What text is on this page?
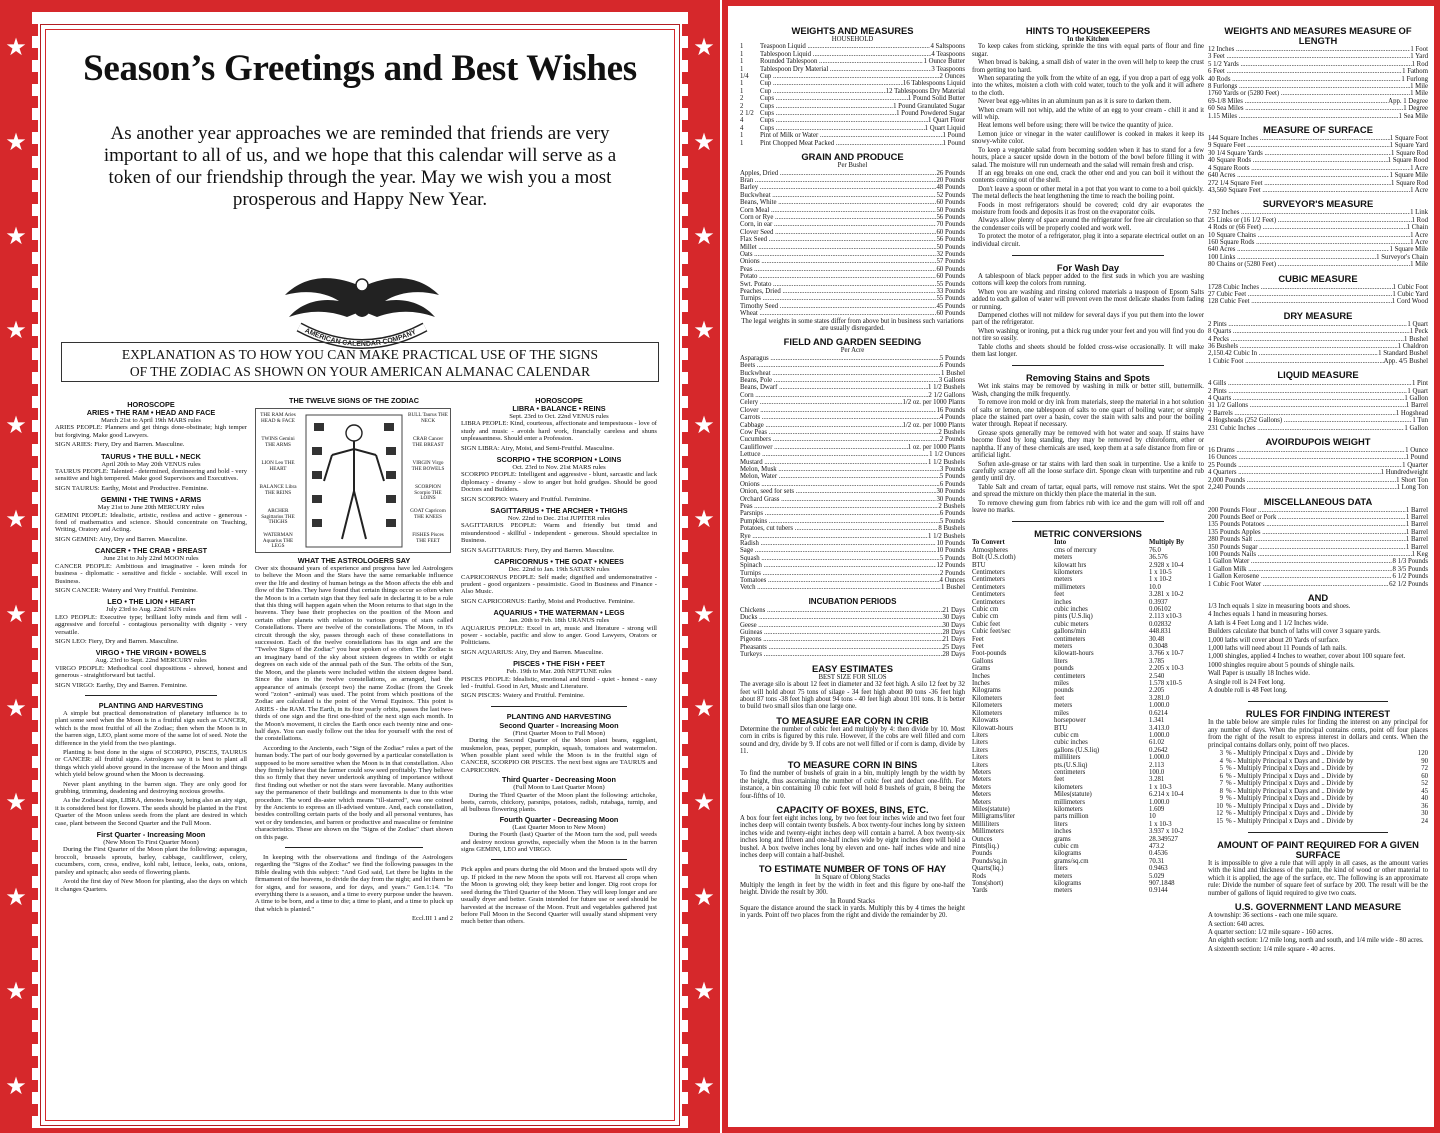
★
★
★
★
★
★
★
★
★
★
★
★
★
★
★
★
★
★
★
★
★
★
★
★
Season’s Greetings and Best Wishes

As another year approaches we are reminded that friends are very important to all of us, and we hope that this calendar will serve as a token of our friendship through the year. May we wish you a most prosperous and Happy New Year.

AMERICAN CALENDAR COMPANY
EXPLANATION AS TO HOW YOU CAN MAKE PRACTICAL USE OF THE SIGNS
OF THE ZODIAC AS SHOWN ON YOUR AMERICAN ALMANAC CALENDAR
HOROSCOPE
ARIES • THE RAM • HEAD AND FACE
March 21st to April 19th MARS rules

ARIES PEOPLE: Planners and get things done-obstinate; high temper but forgiving. Make good Lawyers.

SIGN ARIES: Fiery, Dry and Barren. Masculine.

TAURUS • THE BULL • NECK
April 20th to May 20th VENUS rules

TAURUS PEOPLE: Talented - determined, domineering and bold - very sensitive and high tempered. Make good Supervisors and Executives.

SIGN TAURUS: Earthy, Moist and Productive. Feminine.

GEMINI • THE TWINS • ARMS
May 21st to June 20th MERCURY rules

GEMINI PEOPLE: Idealistic, artistic, restless and active - generous - fond of mathematics and science. Should concentrate on Teaching, Writing, Oratory and Acting.

SIGN GEMINI: Airy, Dry and Barren. Masculine.

CANCER • THE CRAB • BREAST
June 21st to July 22nd MOON rules

CANCER PEOPLE: Ambitious and imaginative - keen minds for business - diplomatic - sensitive and fickle - sociable. Will excel in Business.

SIGN CANCER: Watery and Very Fruitful. Feminine.

LEO • THE LION • HEART
July 23rd to Aug. 22nd SUN rules

LEO PEOPLE: Executive type; brilliant lofty minds and firm will - aggressive and forceful - contagious personality with dignity - very versatile.

SIGN LEO: Fiery, Dry and Barren. Masculine.

VIRGO • THE VIRGIN • BOWELS
Aug. 23rd to Sept. 22nd MERCURY rules

VIRGO PEOPLE: Methodical cool dispositions - shrewd, honest and generous - straightforward but tactful.

SIGN VIRGO: Earthy, Dry and Barren. Feminine.

PLANTING AND HARVESTING

A simple but practical demonstration of planetary influence is to plant some seed when the Moon is in a fruitful sign such as CANCER, which is the most fruitful of all the Zodiac; then when the Moon is in the barren sign, LEO, plant some more of the same lot of seed. Note the difference in the yield from the two plantings.

Planting is best done in the signs of SCORPIO, PISCES, TAURUS or CANCER: all fruitful signs. Astrologers say it is best to plant all things which yield above ground in the increase of the Moon and things which yield below ground when the Moon is decreasing.

Never plant anything in the barren sign. They are only good for grubbing, trimming, deadening and destroying noxious growths.

As the Zodiacal sign, LIBRA, denotes beauty, being also an airy sign, it is considered best for flowers. The seeds should be planted in the First Quarter of the Moon unless seeds from the plant are desired in which case, plant between the Second Quarter and the Full Moon.

First Quarter - Increasing Moon
(New Moon To First Quarter Moon)

During the First Quarter of the Moon plant the following: asparagus, broccoli, brussels sprouts, barley, cabbage, cauliflower, celery, cucumbers, corn, cress, endive, kohl rabi, lettuce, leeks, oats, onions, parsley and spinach; also seeds of flowering plants.

Avoid the first day of New Moon for planting, also the days on which it changes Quarters.

THE TWELVE SIGNS OF THE ZODIAC
THE RAM Aries HEAD & FACE
TWINS Gemini THE ARMS
LION Leo THE HEART
BALANCE Libra THE REINS
ARCHER Sagittarius THE THIGHS
WATERMAN Aquarius THE LEGS
BULL Taurus THE NECK
CRAB Cancer THE BREAST
VIRGIN Virgo THE BOWELS
SCORPION Scorpio THE LOINS
GOAT Capricorn THE KNEES
FISHES Pisces THE FEET
WHAT THE ASTROLOGERS SAY

Over six thousand years of experience and progress have led Astrologers to believe the Moon and the Stars have the same remarkable influence over the life and destiny of human beings as the Moon affects the ebb and flow of the Tides. They have found that certain things occur so often when the Moon is in a certain sign that they feel safe in declaring it to be a rule that this thing will happen again when the Moon returns to that sign in the heavens. They base their prophecies on the position of the Moon and certain other planets with relation to various groups of stars called Constellations. There are twelve of the constellations. The Moon, in it's circuit through the sky, passes through each of these constellations in succession. Each of the twelve constellations has its sign and are the "Twelve Signs of the Zodiac" you hear spoken of so often. The Zodiac is an imaginary band of the sky about sixteen degrees in width or eight degrees on each side of the annual path of the Sun. The orbits of the Sun, the Moon, and the planets were included within the sixteen degree band. Since the stars in the twelve constellations, as arranged, had the appearance of animals (except two) the name Zodiac (from the Greek word "zoion" -animal) was used. The point from which positions of the Zodiac are calculated is the point of the Vernal Equinox. This point is ARIES - the RAM. The Earth, in its four yearly orbits, passes the last two-thirds of one sign and the first one-third of the next sign each month. In the Moon's movement, it circles the Earth once each twenty nine and one-half days. You can easily follow out the idea for yourself with the rest of the constellations.

According to the Ancients, each "Sign of the Zodiac" rules a part of the human body. The part of our body governed by a particular constellation is supposed to be more sensitive when the Moon is in that constellation. Also they firmly believe that the farmer could sow seed profitably. They believe this so firmly that they never undertook anything of importance without first finding out whether or not the stars were favorable. Many authorities say the permanence of their buildings and monuments is due to this wise procedure. The word dis-aster which means "ill-starred", was one coined by the Ancients to express an ill-advised venture. And, each constellation, besides controlling certain parts of the body and all personal ventures, has wet or dry tendencies, and barren or productive and masculine or feminine characteristics. These are shown on the "Signs of the Zodiac" chart shown on this page.

In keeping with the observations and findings of the Astrologers regarding the "Signs of the Zodiac" we find the following passages in the Bible dealing with this subject: "And God said, Let there be lights in the firmament of the heavens, to divide the day from the night; and let them be for signs, and for seasons, and for days, and years." Gen.1:14. "To everything there is a season, and a time to every purpose under the heaven. A time to be born, and a time to die; a time to plant, and a time to pluck up that which is planted."

Eccl.III 1 and 2

HOROSCOPE
LIBRA • BALANCE • REINS
Sept. 23rd to Oct. 22nd VENUS rules

LIBRA PEOPLE: Kind, courteous, affectionate and tempestuous - love of study and music - avoids hard work, financially careless and shuns unpleasantness. Should enter a Profession.

SIGN LIBRA: Airy, Moist, and Semi-Fruitful. Masculine.

SCORPIO • THE SCORPION • LOINS
Oct. 23rd to Nov. 21st MARS rules

SCORPIO PEOPLE: Intelligent and aggressive - blunt, sarcastic and lack diplomacy - dreamy - slow to anger but hold grudges. Should be good Doctors and Builders.

SIGN SCORPIO: Watery and Fruitful. Feminine.

SAGITTARIUS • THE ARCHER • THIGHS
Nov. 22nd to Dec. 21st JUPITER rules

SAGITTARIUS PEOPLE: Warm and friendly but timid and misunderstood - skillful - independent - generous. Should specialize in Business.

SIGN SAGITTARIUS: Fiery, Dry and Barren. Masculine.

CAPRICORNUS • THE GOAT • KNEES
Dec. 22nd to Jan. 19th SATURN rules

CAPRICORNUS PEOPLE: Self made; dignified and undemonstrative - prudent - good organizers - pessimistic. Good in Business and Finance - Also Music.

SIGN CAPRICORNUS: Earthy, Moist and Productive. Feminine.

AQUARIUS • THE WATERMAN • LEGS
Jan. 20th to Feb. 18th URANUS rules

AQUARIUS PEOPLE: Excel in art, music and literature - strong will power - sociable, pacific and slow to anger. Good Lawyers, Orators or Politicians.

SIGN AQUARIUS: Airy, Dry and Barren. Masculine.

PISCES • THE FISH • FEET
Feb. 19th to Mar. 20th NEPTUNE rules

PISCES PEOPLE: Idealistic, emotional and timid - quiet - honest - easy led - fruitful. Good in Art, Music and Literature.

SIGN PISCES: Watery and Fruitful. Feminine.

PLANTING AND HARVESTING
Second Quarter - Increasing Moon
(First Quarter Moon to Full Moon)

During the Second Quarter of the Moon plant beans, eggplant, muskmelon, peas, pepper, pumpkin, squash, tomatoes and watermelon. When possible plant seed while the Moon is in the fruitful sign of CANCER, SCORPIO OR PISCES. The next best signs are TAURUS and CAPRICORN.

Third Quarter - Decreasing Moon
(Full Moon to Last Quarter Moon)

During the Third Quarter of the Moon plant the following: artichoke, beets, carrots, chickory, parsnips, potatoes, radish, rutabaga, turnip, and all bulbous flowering plants.

Fourth Quarter - Decreasing Moon
(Last Quarter Moon to New Moon)

During the Fourth (last) Quarter of the Moon turn the sod, pull weeds and destroy noxious growths, especially when the Moon is in the barren signs GEMINI, LEO and VIRGO.

Pick apples and pears during the old Moon and the bruised spots will dry up. If picked in the new Moon the spots will rot. Harvest all crops when the Moon is growing old; they keep better and longer. Dig root crops for seed during the Third Quarter of the Moon. They will keep longer and are usually dryer and better. Grain intended for future use or seed should be harvested at the increase of the Moon. Fruit and vegetables gathered just before Full Moon in the Second Quarter will usually stand shipment very much better than others.

WEIGHTS AND MEASURES
HOUSEHOLD
1	Teaspoon Liquid .....	4 Saltspoons
1	Tablespoon Liquid .....	4 Teaspoons
1	Rounded Tablespoon .....	1 Ounce Butter
1	Tablespoon Dry Material .....	3 Teaspoons
1/4	Cup .....	2 Ounces
1	Cup .....	16 Tablespoons Liquid
1	Cup .....	12 Tablespoons Dry Material
2	Cups .....	1 Pound Solid Butter
2	Cups .....	1 Pound Granulated Sugar
2 1/2 Cups .....	1 Pound Powdered Sugar
4	Cups .....	1 Quart Flour
4	Cups .....	1 Quart Liquid
1	Pint of Milk or Water .....	1 Pound
1	Pint Chopped Meat Packed .....	1 Pound
GRAIN AND PRODUCE
Per Bushel
Apples, Dried .....	26 Pounds
Bran .....	20 Pounds
Barley .....	48 Pounds
Buckwheat .....	52 Pounds
Beans, White .....	60 Pounds
Corn Meal .....	50 Pounds
Corn or Rye .....	56 Pounds
Corn, in ear .....	70 Pounds
Clover Seed .....	60 Pounds
Flax Seed .....	56 Pounds
Millet .....	50 Pounds
Oats .....	32 Pounds
Onions .....	57 Pounds
Peas .....	60 Pounds
Potato .....	60 Pounds
Swt. Potato .....	55 Pounds
Peaches, Dried .....	33 Pounds
Turnips .....	55 Pounds
Timothy Seed .....	45 Pounds
Wheat .....	60 Pounds

The legal weights in some states differ from above but in business such variations are usually disregarded.

FIELD AND GARDEN SEEDING
Per Acre
Asparagus .....	5 Pounds
Beets .....	6 Pounds
Buckwheat .....	1 Bushel
Beans, Pole .....	3 Gallons
Beans, Dwarf .....	1 1/2 Bushels
Corn .....	2 1/2 Gallons
Celery .....	1/2 oz. per 1000 Plants
Clover .....	16 Pounds
Carrots .....	4 Pounds
Cabbage .....	1/2 oz. per 1000 Plants
Cow Peas .....	2 Bushels
Cucumbers .....	2 Pounds
Cauliflower .....	1 oz. per 1000 Plants
Lettuce .....	1 1/2 Ounces
Mustard .....	1 1/2 Bushels
Melon, Musk .....	3 Pounds
Melon, Water .....	5 Pounds
Onions .....	6 Pounds
Onion, seed for sets .....	30 Pounds
Orchard Grass .....	30 Pounds
Peas .....	2 Bushels
Parsnips .....	6 Pounds
Pumpkins .....	5 Pounds
Potatoes, cut tubers .....	8 Bushels
Rye .....	1 1/2 Bushels
Radish .....	10 Pounds
Sage .....	10 Pounds
Squash .....	5 Pounds
Spinach .....	12 Pounds
Turnips .....	2 Pounds
Tomatoes .....	4 Ounces
Vetch .....	1 Bushel
INCUBATION PERIODS
Chickens .....	21 Days
Ducks .....	30 Days
Geese .....	30 Days
Guineas .....	28 Days
Pigeons .....	21 Days
Pheasants .....	25 Days
Turkeys .....	28 Days
EASY ESTIMATES
BEST SIZE FOR SILOS

The average silo is about 12 feet in diameter and 32 feet high. A silo 12 feet by 32 feet will hold about 75 tons of silage - 34 feet high about 80 tons -36 feet high about 87 tons -38 feet high about 94 tons - 40 feet high about 101 tons. It is better to build two small silos than one large one.

TO MEASURE EAR CORN IN CRIB

Determine the number of cubic feet and multiply by 4: then divide by 10. Most corn in cribs is figured by this rule. However, if the cobs are well filled and corn sound and dry, divide by 9. If cobs are not well filled or if corn is damp, divide by 11.

TO MEASURE CORN IN BINS

To find the number of bushels of grain in a bin, multiply length by the width by the height, thus ascertaining the number of cubic feet and deduct one-fifth. For instance, a bin containing 10 cubic feet will hold 8 bushels of grain, 8 being the four-fifths of 10.

CAPACITY OF BOXES, BINS, ETC.

A box four feet eight inches long, by two feet four inches wide and two feet four inches deep will contain twenty bushels. A box twenty-four inches long by sixteen inches wide and twenty-eight inches deep will contain a barrel. A box twenty-six inches long and fifteen and one-half inches wide by eight inches deep will hold a bushel. A box twelve inches long by eleven and one- half inches wide and nine inches deep will contain a half-bushel.

TO ESTIMATE NUMBER OF TONS OF HAY
In Square of Oblong Stacks

Multiply the length in feet by the width in feet and this figure by one-half the height. Divide the result by 300.

In Round Stacks

Square the distance around the stack in yards. Multiply this by 4 times the height in yards. Point off two places from the right and divide the remainder by 20.

HINTS TO HOUSEKEEPERS
In the Kitchen

To keep cakes from sticking, sprinkle the tins with equal parts of flour and fine sugar.

When bread is baking, a small dish of water in the oven will help to keep the crust from getting too hard.

When separating the yolk from the white of an egg, if you drop a part of egg yolk into the whites, moisten a cloth with cold water, touch to the yolk and it will adhere to the cloth.

Never beat egg-whites in an aluminum pan as it is sure to darken them.

When cream will not whip, add the white of an egg to your cream - chill it and it will whip.

Heat lemons well before using; there will be twice the quantity of juice.

Lemon juice or vinegar in the water cauliflower is cooked in makes it keep its snowy-white color.

To keep a vegetable salad from becoming sodden when it has to stand for a few hours, place a saucer upside down in the bottom of the bowl before filling it with salad. The moisture will run underneath and the salad will remain fresh and crisp.

If an egg breaks on one end, crack the other end and you can boil it without the contents coming out of the shell.

Don't leave a spoon or other metal in a pot that you want to come to a boil quickly. The metal deflects the heat lengthening the time to reach the boiling point.

Foods in most refrigerators should be covered; cold dry air evaporates the moisture from foods and deposits it as frost on the evaporator coils.

Always allow plenty of space around the refrigerator for free air circulation so that the condenser coils will be properly cooled and work well.

To protect the motor of a refrigerator, plug it into a separate electrical outlet on an individual circuit.

For Wash Day

A tablespoon of black pepper added to the first suds in which you are washing cottons will keep the colors from running.

When you are washing and rinsing colored materials a teaspoon of Epsom Salts added to each gallon of water will prevent even the most delicate shades from fading or running.

Dampened clothes will not mildew for several days if you put them into the lower part of the refrigerator.

When washing or ironing, put a thick rug under your feet and you will find you do not tire so easily.

Table cloths and sheets should be folded cross-wise occasionally. It will make them last longer.

Removing Stains and Spots

Wet ink stains may be removed by washing in milk or better still, buttermilk. Wash, changing the milk frequently.

To remove iron mold or dry ink from materials, steep the material in a hot solution of salts or lemon, one tablespoon of salts to one quart of boiling water; or simply place the stained part over a basin, cover the stain with salts and pour the boiling water through. Repeat if necessary.

Grease spots generally may be removed with hot water and soap. If stains have become fixed by long standing, they may be removed by chloroform, ether or naphtha. If any of these chemicals are used, keep them at a safe distance from fire or artificial light.

Soften axle-grease or tar stains with lard then soak in turpentine. Use a knife to carefully scrape off all the loose surface dirt. Sponge clean with turpentine and rub gently until dry.

Table Salt and cream of tartar, equal parts, will remove rust stains. Wet the spot and spread the mixture on thickly then place the material in the sun.

To remove chewing gum from fabrics rub with ice and the gum will roll off and leave no marks.

METRIC CONVERSIONS
To Convert	Into	Multiply By
Atmospheres	cms of mercury	76.0
Bolt (U.S.cloth)	meters	36.576
BTU	kilowatt hrs	2.928 x 10-4
Centimeters	kilometers	1 x 10-5
Centimeters	meters	1 x 10-2
Centimeters	millimeters	10.0
Centimeters	feet	3.281 x 10-2
Centimeters	inches	0.3937
Cubic cm	cubic inches	0.06102
Cubic cm	pints (U.S.liq)	2.113 x10-3
Cubic feet	cubic meters	0.02832
Cubic feet/sec	gallons/min	448.831
Feet	centimeters	30.48
Feet	meters	0.3048
Foot-pounds	kilowatt-hours	3.766 x 10-7
Gallons	liters	3.785
Grams	pounds	2.205 x 10-3
Inches	centimeters	2.540
Inches	miles	1.578 x10-5
Kilograms	pounds	2.205
Kilometers	feet	3.281.0
Kilometers	meters	1.000.0
Kilometers	miles	0.6214
Kilowatts	horsepower	1.341
Kilowatt-hours	BTU	3.413.0
Liters	cubic cm	1.000.0
Liters	cubic inches	61.02
Liters	gallons (U.S.liq)	0.2642
Liters	milliliters	1.000.0
Liters	pts.(U.S.liq)	2.113
Meters	centimeters	100.0
Meters	feet	3.281
Meters	kilometers	1 x 10-3
Meters	Miles(statute)	6.214 x 10-4
Meters	millimeters	1.000.0
Miles(statute)	kilometers	1.609
Milligrams/liter	parts million	10
Milliliters	liters	1 x 10-3
Millimeters	inches	3.937 x 10-2
Ounces	grams	28.349527
Pints(liq.)	cubic cm	473.2
Pounds	kilograms	0.4536
Pounds/sq.in	grams/sq.cm	70.31
Quarts(liq.)	liters	0.9463
Rods	meters	5.029
Tons(short)	kilograms	907.1848
Yards	meters	0.9144
WEIGHTS AND MEASURES MEASURE OF LENGTH
12 Inches .....	1 Foot
3 Feet .....	1 Yard
5 1/2 Yards .....	1 Rod
6 Feet .....	1 Fathom
40 Rods .....	1 Furlong
8 Furlongs .....	1 Mile
1760 Yards or (5280 Feet) .....	1 Mile
69-1/8 Miles .....	App. 1 Degree
60 Sea Miles .....	1 Degree
1.15 Miles .....	1 Sea Mile
MEASURE OF SURFACE
144 Square Inches .....	1 Square Foot
9 Square Feet .....	1 Square Yard
30 1/4 Square Yards .....	1 Square Rod
40 Square Rods .....	1 Square Rood
4 Square Roots .....	1 Acre
640 Acres .....	1 Square Mile
272 1/4 Square Feet .....	1 Square Rod
43,560 Square Feet .....	1 Acre
SURVEYOR'S MEASURE
7.92 Inches .....	1 Link
25 Links or (16 1/2 Feet) .....	1 Rod
4 Rods or (66 Feet) .....	1 Chain
10 Square Chains .....	1 Acre
160 Square Rods .....	1 Acre
640 Acres .....	1 Square Mile
100 Links .....	1 Surveyor's Chain
80 Chains or (5280 Feet) .....	1 Mile
CUBIC MEASURE
1728 Cubic Inches .....	1 Cubic Foot
27 Cubic Feet .....	1 Cubic Yard
128 Cubic Feet .....	1 Cord Wood
DRY MEASURE
2 Pints .....	1 Quart
8 Quarts .....	1 Peck
4 Pecks .....	1 Bushel
36 Bushels .....	1 Chaldron
2,150.42 Cubic In .....	1 Standard Bushel
1 Cubic Foot .....	App. 4/5 Bushel
LIQUID MEASURE
4 Gills .....	1 Pint
2 Pints .....	1 Quart
4 Quarts .....	1 Gallon
31 1/2 Gallons .....	1 Barrel
2 Barrels .....	1 Hogshead
4 Hogsheads (252 Gallons) .....	1 Tun
231 Cubic Inches .....	1 Gallon
AVOIRDUPOIS WEIGHT
16 Drams .....	1 Ounce
16 Ounces .....	1 Pound
25 Pounds .....	1 Quarter
4 Quarters .....	1 Hundredweight
2,000 Pounds .....	1 Short Ton
2,240 Pounds .....	1 Long Ton
MISCELLANEOUS DATA
200 Pounds Flour .....	1 Barrel
200 Pounds Beef or Pork .....	1 Barrel
135 Pounds Potatoes .....	1 Barrel
135 Pounds Apples .....	1 Barrel
280 Pounds Salt .....	1 Barrel
350 Pounds Sugar .....	1 Barrel
100 Pounds Nails .....	1 Keg
1 Gallon Water .....	8 1/3 Pounds
1 Gallon Milk .....	8 3/5 Pounds
1 Gallon Kerosene .....	6 1/2 Pounds
1 Cubic Foot Water .....	62 1/2 Pounds
AND

1/3 Inch equals 1 size in measuring boots and shoes.

4 Inches equals 1 hand in measuring horses.

A lath is 4 Feet Long and 1 1/2 Inches wide.

Builders calculate that bunch of laths will cover 3 square yards.

1,000 laths will cover about 20 Yards of surface.

1,000 laths will need about 11 Pounds of lath nails.

1,000 shingles, applied 4 Inches to weather, cover about 100 square feet.

1000 shingles require about 5 pounds of shingle nails.

Wall Paper is usually 18 Inches wide.

A single roll is 24 Feet long.

A double roll is 48 Feet long.

RULES FOR FINDING INTEREST

In the table below are simple rules for finding the interest on any principal for any number of days. When the principal contains cents, point off four places from the right of the result to express interest in dollars and cents. When the principal contains dollars only, point off two places.

3 % - Multiply Principal x Days and .. Divide by	120
4 % - Multiply Principal x Days and .. Divide by	90
5 % - Multiply Principal x Days and .. Divide by	72
6 % - Multiply Principal x Days and .. Divide by	60
7 % - Multiply Principal x Days and .. Divide by	52
8 % - Multiply Principal x Days and .. Divide by	45
9 % - Multiply Principal x Days and .. Divide by	40
10 % - Multiply Principal x Days and .. Divide by	36
12 % - Multiply Principal x Days and .. Divide by	30
15 % - Multiply Principal x Days and .. Divide by	24
AMOUNT OF PAINT REQUIRED FOR A GIVEN SURFACE

It is impossible to give a rule that will apply in all cases, as the amount varies with the kind and thickness of the paint, the kind of wood or other material to which it is applied, the age of the surface, etc. The following is an approximate rule: Divide the number of square feet of surface by 200. The result will be the number of gallons of liquid required to give two coats.

U.S. GOVERNMENT LAND MEASURE

A township: 36 sections - each one mile square.

A section: 640 acres.

A quarter section: 1/2 mile square - 160 acres.

An eighth section: 1/2 mile long, north and south, and 1/4 mile wide - 80 acres.

A sixteenth section: 1/4 mile square - 40 acres.
